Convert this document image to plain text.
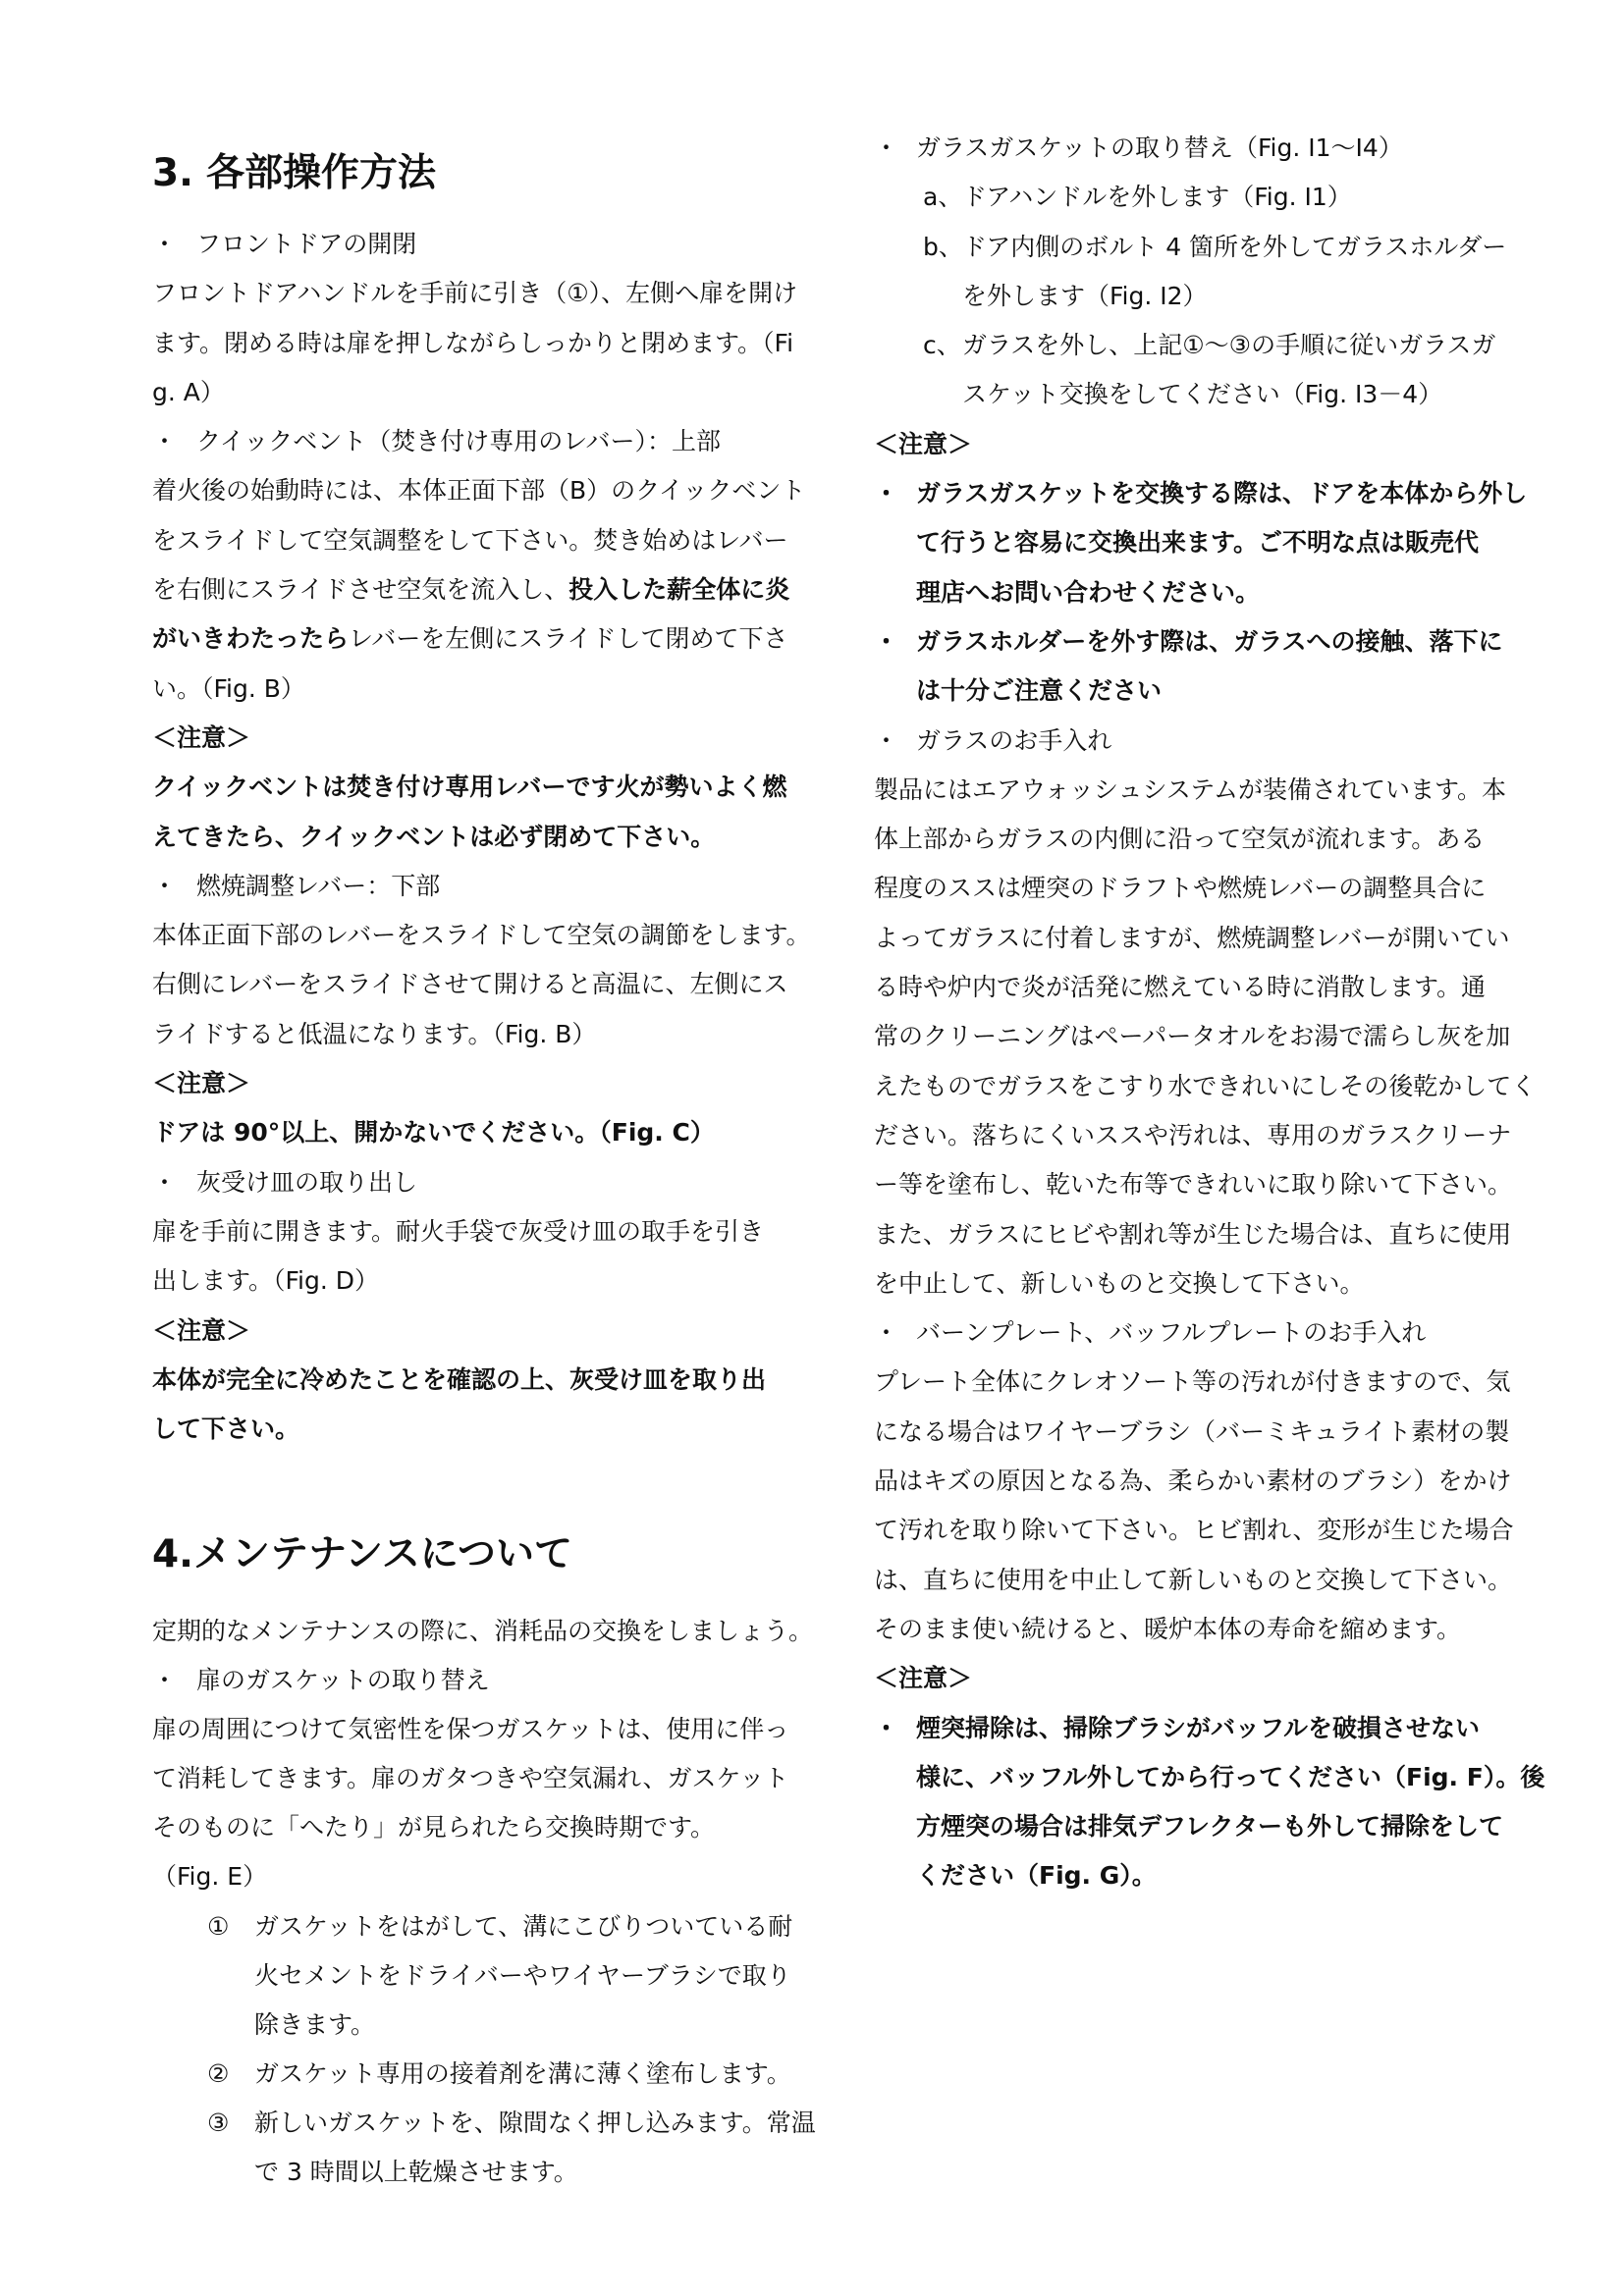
3. 各部操作方法
・ フロントドアの開閉
フロントドアハンドルを手前に引き（①）、左側へ扉を開け
ます。閉める時は扉を押しながらしっかりと閉めます。（Fi
g. A）
・ クイックベント（焚き付け専用のレバー）：上部
着火後の始動時には、本体正面下部（B）のクイックベント
をスライドして空気調整をして下さい。焚き始めはレバー
を右側にスライドさせ空気を流入し、投入した薪全体に炎
がいきわたったらレバーを左側にスライドして閉めて下さ
い。（Fig. B）
＜注意＞
クイックベントは焚き付け専用レバーです火が勢いよく燃
えてきたら、クイックベントは必ず閉めて下さい。
・ 燃焼調整レバー：下部
本体正面下部のレバーをスライドして空気の調節をします。
右側にレバーをスライドさせて開けると高温に、左側にス
ライドすると低温になります。（Fig. B）
＜注意＞
ドアは 90°以上、開かないでください。（Fig. C）
・ 灰受け皿の取り出し
扉を手前に開きます。耐火手袋で灰受け皿の取手を引き
出します。（Fig. D）
＜注意＞
本体が完全に冷めたことを確認の上、灰受け皿を取り出
して下さい。
4.メンテナンスについて
定期的なメンテナンスの際に、消耗品の交換をしましょう。
・ 扉のガスケットの取り替え
扉の周囲につけて気密性を保つガスケットは、使用に伴っ
て消耗してきます。扉のガタつきや空気漏れ、ガスケット
そのものに「へたり」が見られたら交換時期です。
（Fig. E）
① ガスケットをはがして、溝にこびりついている耐
火セメントをドライバーやワイヤーブラシで取り
除きます。
② ガスケット専用の接着剤を溝に薄く塗布します。
③ 新しいガスケットを、隙間なく押し込みます。常温
で 3 時間以上乾燥させます。
・ ガラスガスケットの取り替え（Fig. I1～I4）
a、ドアハンドルを外します（Fig. I1）
b、ドア内側のボルト 4 箇所を外してガラスホルダー
を外します（Fig. I2）
c、ガラスを外し、上記①～③の手順に従いガラスガ
スケット交換をしてください（Fig. I3－4）
＜注意＞
・ ガラスガスケットを交換する際は、ドアを本体から外し
て行うと容易に交換出来ます。ご不明な点は販売代
理店へお問い合わせください。
・ ガラスホルダーを外す際は、ガラスへの接触、落下に
は十分ご注意ください
・ ガラスのお手入れ
製品にはエアウォッシュシステムが装備されています。本
体上部からガラスの内側に沿って空気が流れます。ある
程度のススは煙突のドラフトや燃焼レバーの調整具合に
よってガラスに付着しますが、燃焼調整レバーが開いてい
る時や炉内で炎が活発に燃えている時に消散します。通
常のクリーニングはペーパータオルをお湯で濡らし灰を加
えたものでガラスをこすり水できれいにしその後乾かしてく
ださい。落ちにくいススや汚れは、専用のガラスクリーナ
ー等を塗布し、乾いた布等できれいに取り除いて下さい。
また、ガラスにヒビや割れ等が生じた場合は、直ちに使用
を中止して、新しいものと交換して下さい。
・ バーンプレート、バッフルプレートのお手入れ
プレート全体にクレオソート等の汚れが付きますので、気
になる場合はワイヤーブラシ（バーミキュライト素材の製
品はキズの原因となる為、柔らかい素材のブラシ）をかけ
て汚れを取り除いて下さい。ヒビ割れ、変形が生じた場合
は、直ちに使用を中止して新しいものと交換して下さい。
そのまま使い続けると、暖炉本体の寿命を縮めます。
＜注意＞
・ 煙突掃除は、掃除ブラシがバッフルを破損させない
様に、バッフル外してから行ってください（Fig. F）。後
方煙突の場合は排気デフレクターも外して掃除をして
ください（Fig. G）。
